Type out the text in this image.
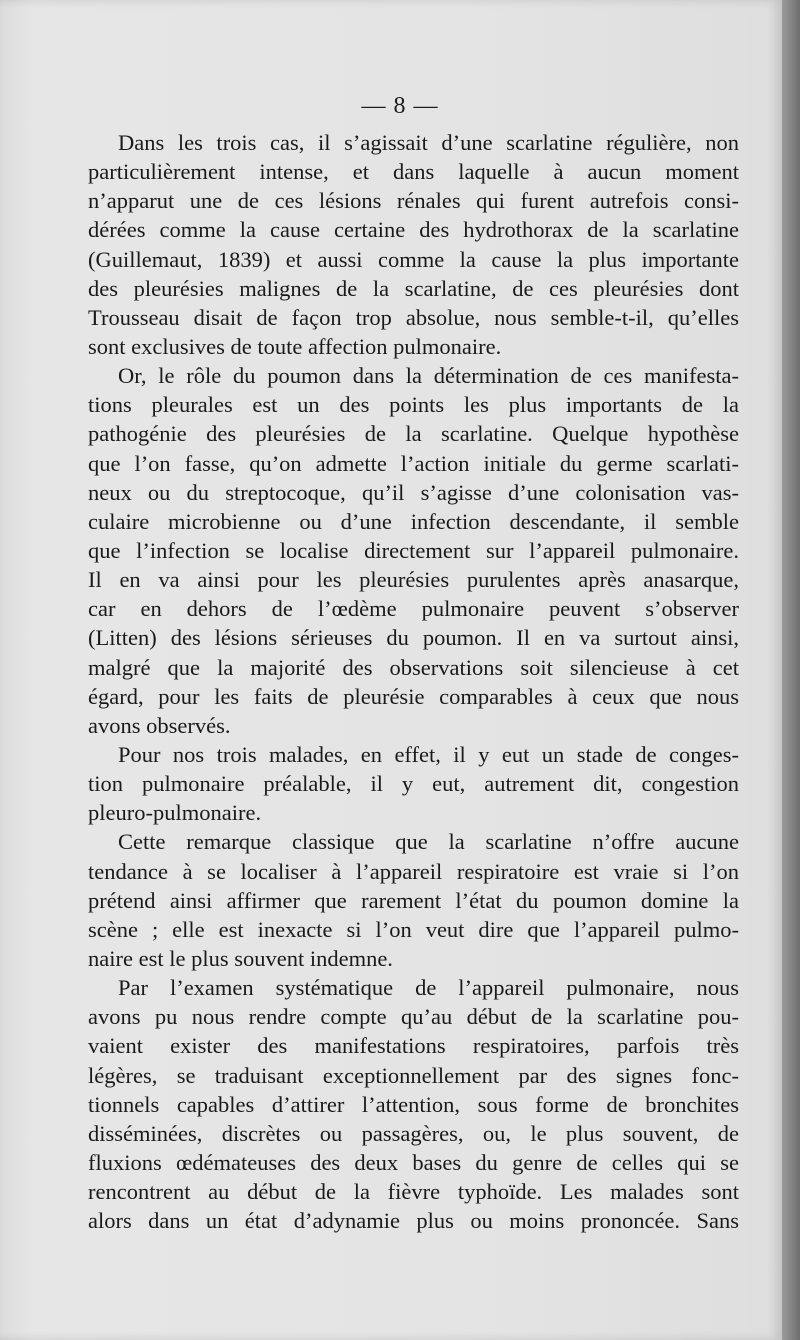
— 8 —
Dans les trois cas, il s’agissait d’une scarlatine régulière, non
particulièrement intense, et dans laquelle à aucun moment
n’apparut une de ces lésions rénales qui furent autrefois consi-
dérées comme la cause certaine des hydrothorax de la scarlatine
(Guillemaut, 1839) et aussi comme la cause la plus importante
des pleurésies malignes de la scarlatine, de ces pleurésies dont
Trousseau disait de façon trop absolue, nous semble-t-il, qu’elles
sont exclusives de toute affection pulmonaire.
Or, le rôle du poumon dans la détermination de ces manifesta-
tions pleurales est un des points les plus importants de la
pathogénie des pleurésies de la scarlatine. Quelque hypothèse
que l’on fasse, qu’on admette l’action initiale du germe scarlati-
neux ou du streptocoque, qu’il s’agisse d’une colonisation vas-
culaire microbienne ou d’une infection descendante, il semble
que l’infection se localise directement sur l’appareil pulmonaire.
Il en va ainsi pour les pleurésies purulentes après anasarque,
car en dehors de l’œdème pulmonaire peuvent s’observer
(Litten) des lésions sérieuses du poumon. Il en va surtout ainsi,
malgré que la majorité des observations soit silencieuse à cet
égard, pour les faits de pleurésie comparables à ceux que nous
avons observés.
Pour nos trois malades, en effet, il y eut un stade de conges-
tion pulmonaire préalable, il y eut, autrement dit, congestion
pleuro-pulmonaire.
Cette remarque classique que la scarlatine n’offre aucune
tendance à se localiser à l’appareil respiratoire est vraie si l’on
prétend ainsi affirmer que rarement l’état du poumon domine la
scène ; elle est inexacte si l’on veut dire que l’appareil pulmo-
naire est le plus souvent indemne.
Par l’examen systématique de l’appareil pulmonaire, nous
avons pu nous rendre compte qu’au début de la scarlatine pou-
vaient exister des manifestations respiratoires, parfois très
légères, se traduisant exceptionnellement par des signes fonc-
tionnels capables d’attirer l’attention, sous forme de bronchites
disséminées, discrètes ou passagères, ou, le plus souvent, de
fluxions œdémateuses des deux bases du genre de celles qui se
rencontrent au début de la fièvre typhoïde. Les malades sont
alors dans un état d’adynamie plus ou moins prononcée. Sans
